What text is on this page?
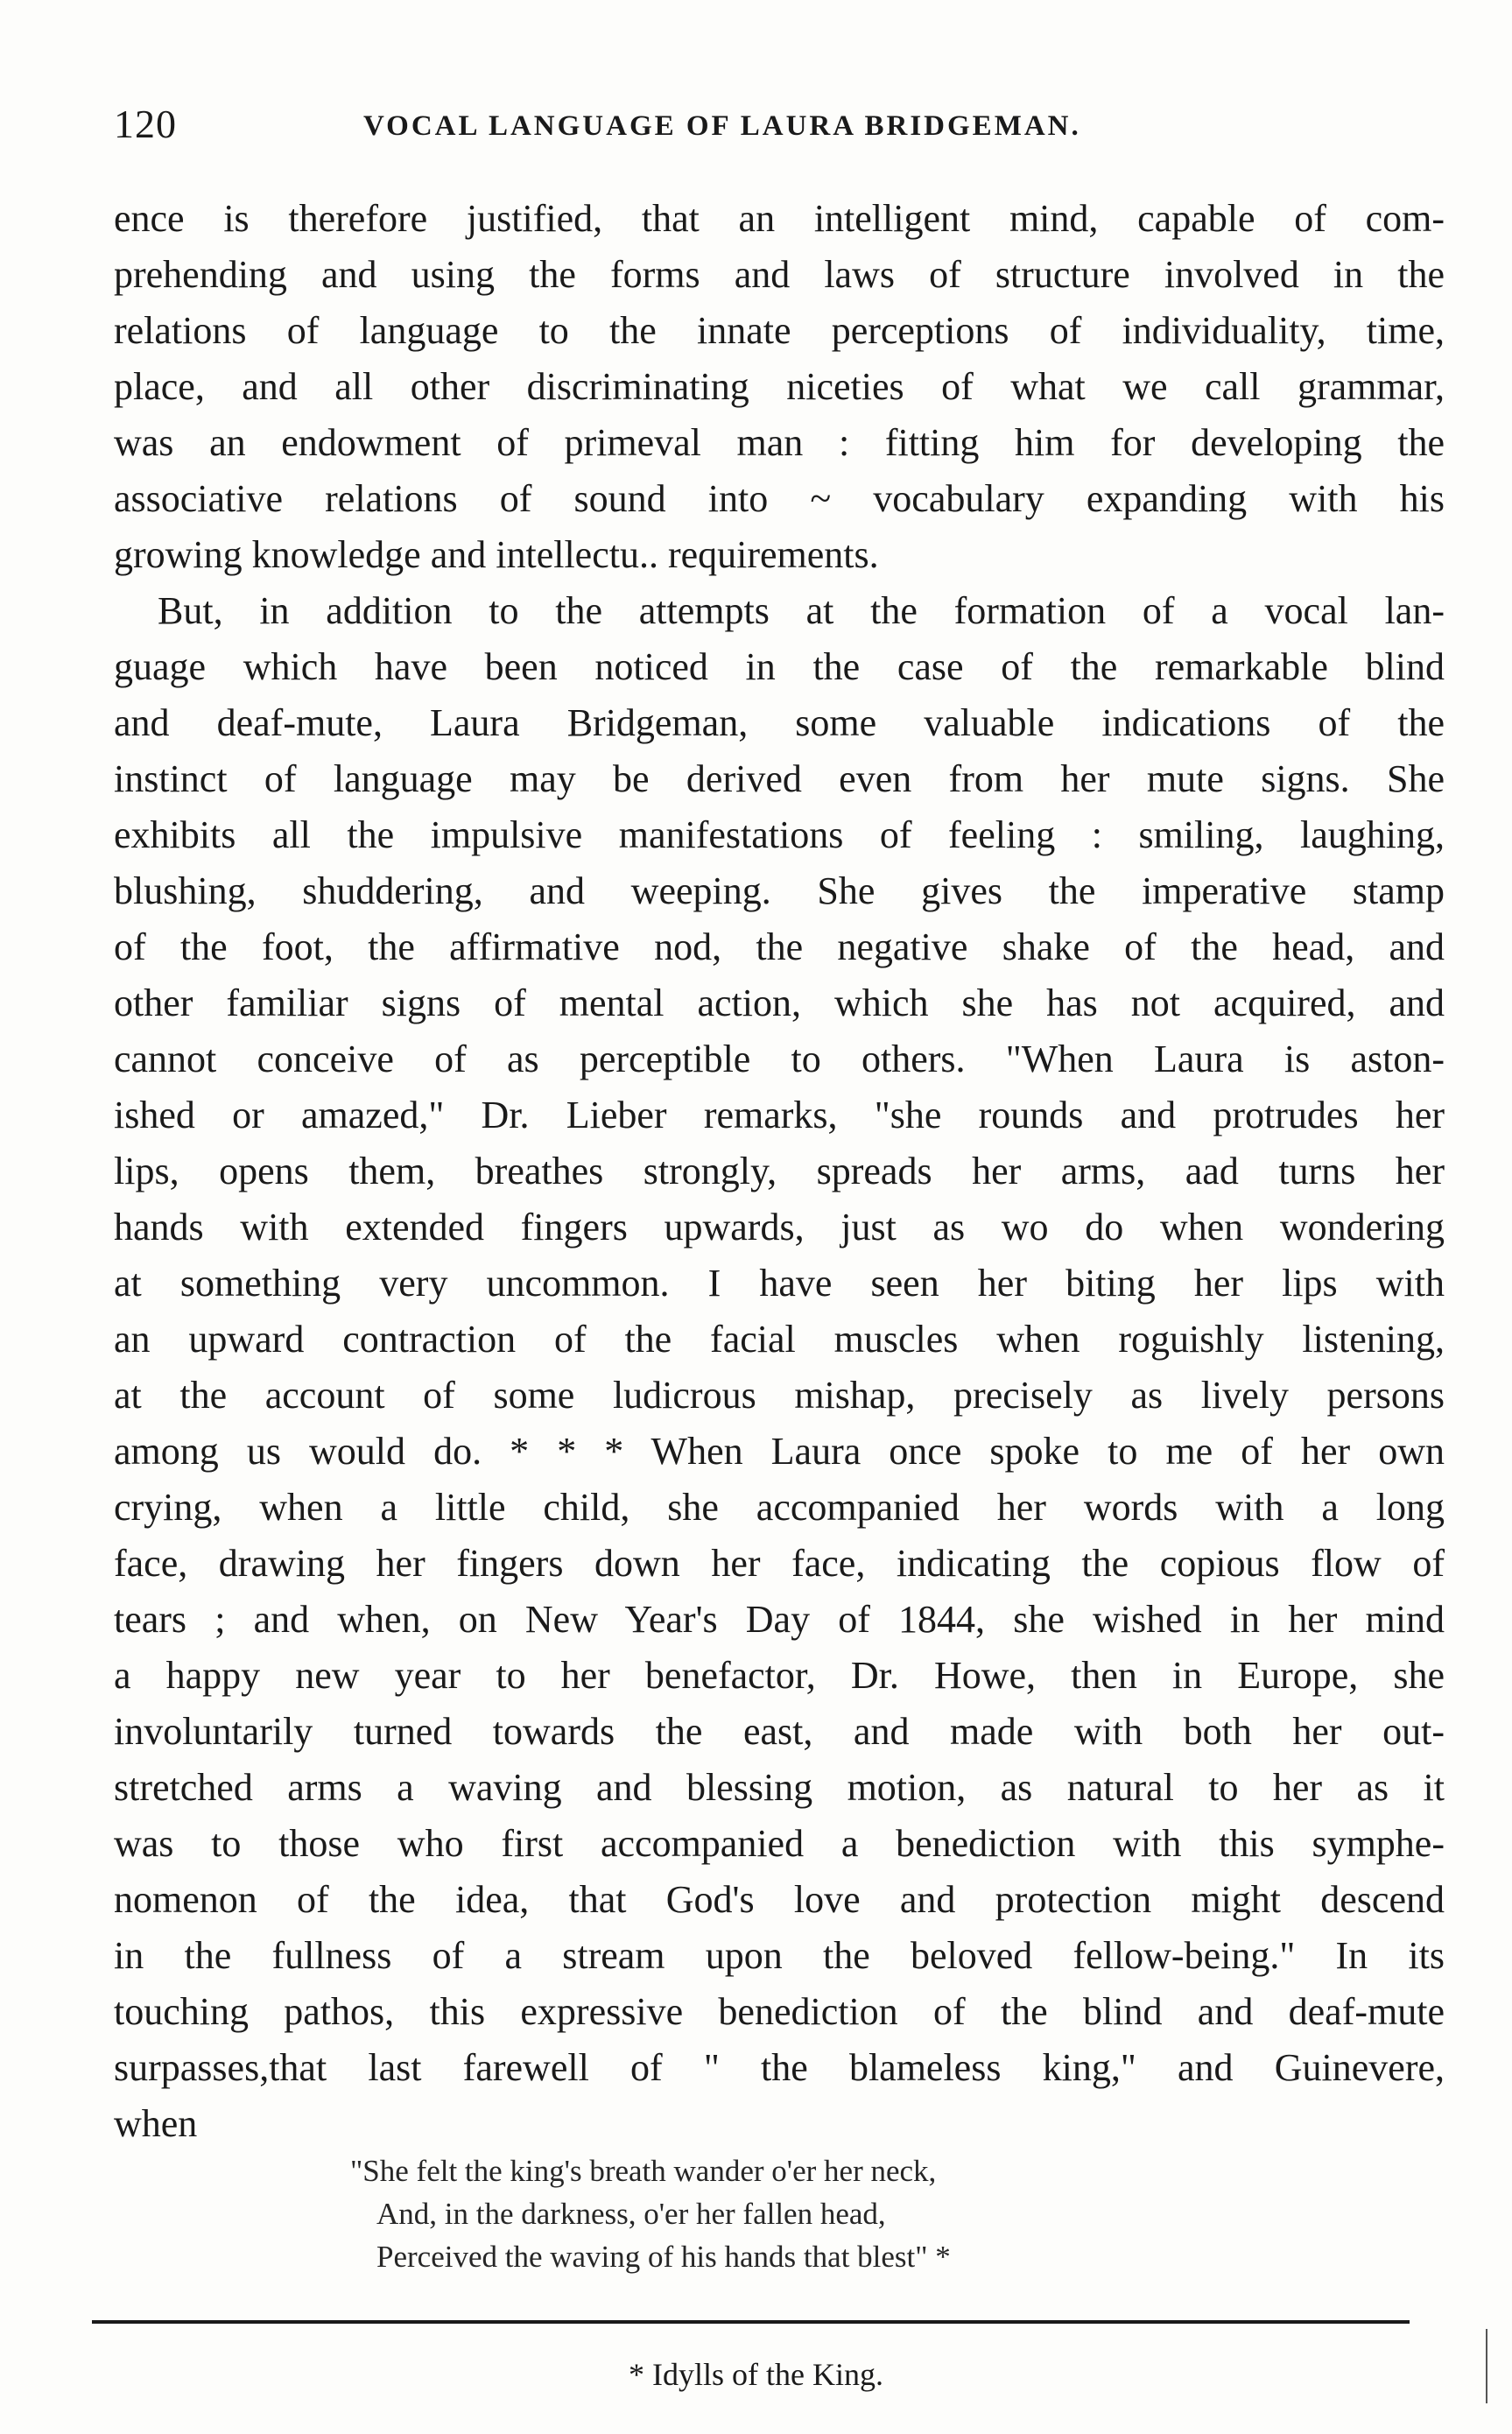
120	VOCAL LANGUAGE OF LAURA BRIDGEMAN.
ence is therefore justified, that an intelligent mind, capable of com-
prehending and using the forms and laws of structure involved in the
relations of language to the innate perceptions of individuality, time,
place, and all other discriminating niceties of what we call grammar,
was an endowment of primeval man : fitting him for developing the
associative relations of sound into ~ vocabulary expanding with his
growing knowledge and intellectu.. requirements.
But, in addition to the attempts at the formation of a vocal lan-
guage which have been noticed in the case of the remarkable blind
and deaf-mute, Laura Bridgeman, some valuable indications of the
instinct of language may be derived even from her mute signs. She
exhibits all the impulsive manifestations of feeling : smiling, laughing,
blushing, shuddering, and weeping. She gives the imperative stamp
of the foot, the affirmative nod, the negative shake of the head, and
other familiar signs of mental action, which she has not acquired, and
cannot conceive of as perceptible to others. "When Laura is aston-
ished or amazed," Dr. Lieber remarks, "she rounds and protrudes her
lips, opens them, breathes strongly, spreads her arms, aad turns her
hands with extended fingers upwards, just as wo do when wondering
at something very uncommon. I have seen her biting her lips with
an upward contraction of the facial muscles when roguishly listening,
at the account of some ludicrous mishap, precisely as lively persons
among us would do. * * * When Laura once spoke to me of her own
crying, when a little child, she accompanied her words with a long
face, drawing her fingers down her face, indicating the copious flow of
tears ; and when, on New Year's Day of 1844, she wished in her mind
a happy new year to her benefactor, Dr. Howe, then in Europe, she
involuntarily turned towards the east, and made with both her out-
stretched arms a waving and blessing motion, as natural to her as it
was to those who first accompanied a benediction with this symphe-
nomenon of the idea, that God's love and protection might descend
in the fullness of a stream upon the beloved fellow-being." In its
touching pathos, this expressive benediction of the blind and deaf-mute
surpasses,that last farewell of " the blameless king," and Guinevere,
when
"She felt the king's breath wander o'er her neck,
And, in the darkness, o'er her fallen head,
Perceived the waving of his hands that blest" *
* Idylls of the King.
